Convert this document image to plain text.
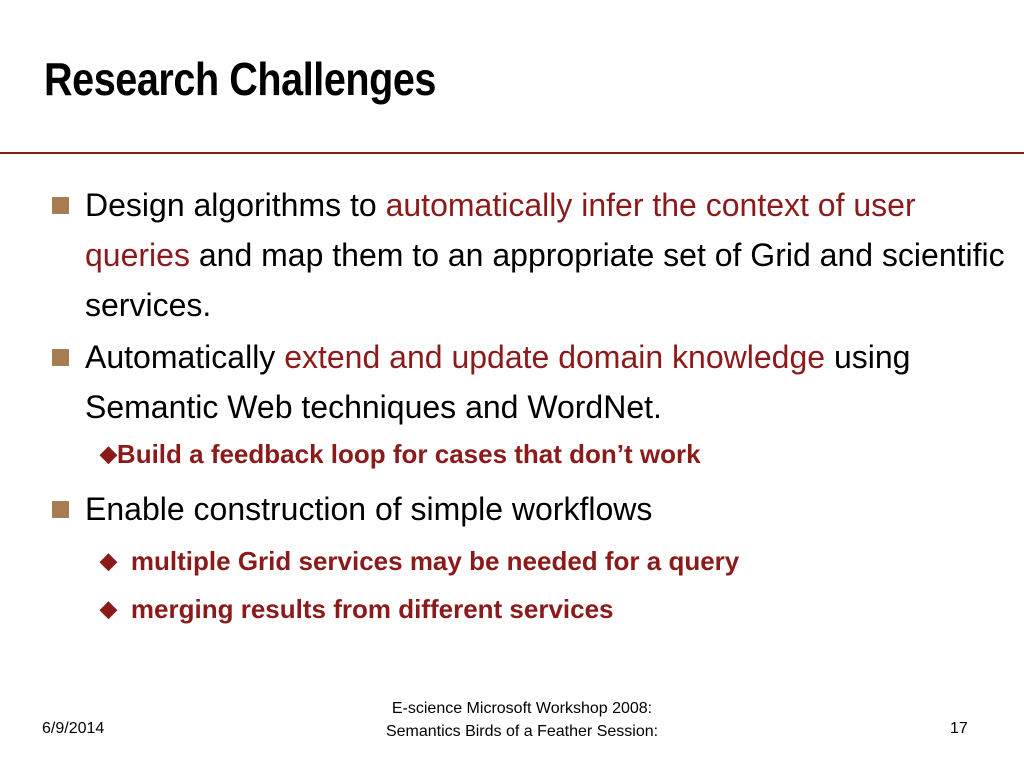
Research Challenges
Design algorithms to automatically infer the context of user queries and map them to an appropriate set of Grid and scientific services.
Automatically extend and update domain knowledge using Semantic Web techniques and WordNet.
◆Build a feedback loop for cases that don’t work
Enable construction of simple workflows
◆ multiple Grid services may be needed for a query
◆ merging results from different services
6/9/2014
E-science Microsoft Workshop 2008:
Semantics Birds of a Feather Session:	17
